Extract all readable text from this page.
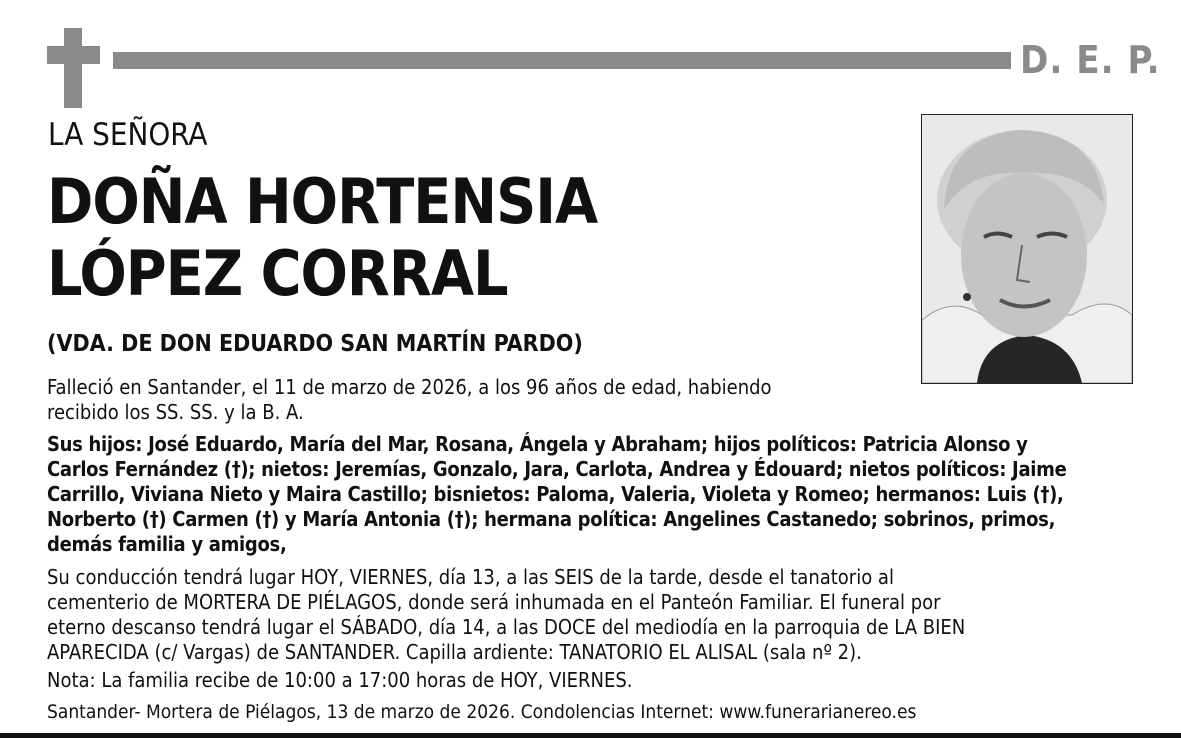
D. E. P.
LA SEÑORA
DOÑA HORTENSIA
LÓPEZ CORRAL
(VDA. DE DON EDUARDO SAN MARTÍN PARDO)
Falleció en Santander, el 11 de marzo de 2026, a los 96 años de edad, habiendo
recibido los SS. SS. y la B. A.
Sus hijos: José Eduardo, María del Mar, Rosana, Ángela y Abraham; hijos políticos: Patricia Alonso y
Carlos Fernández (†); nietos: Jeremías, Gonzalo, Jara, Carlota, Andrea y Édouard; nietos políticos: Jaime
Carrillo, Viviana Nieto y Maira Castillo; bisnietos: Paloma, Valeria, Violeta y Romeo; hermanos: Luis (†),
Norberto (†) Carmen (†) y María Antonia (†); hermana política: Angelines Castanedo; sobrinos, primos,
demás familia y amigos,
Su conducción tendrá lugar HOY, VIERNES, día 13, a las SEIS de la tarde, desde el tanatorio al
cementerio de MORTERA DE PIÉLAGOS, donde será inhumada en el Panteón Familiar. El funeral por
eterno descanso tendrá lugar el SÁBADO, día 14, a las DOCE del mediodía en la parroquia de LA BIEN
APARECIDA (c/ Vargas) de SANTANDER. Capilla ardiente: TANATORIO EL ALISAL (sala nº 2).
Nota: La familia recibe de 10:00 a 17:00 horas de HOY, VIERNES.
Santander- Mortera de Piélagos, 13 de marzo de 2026. Condolencias Internet: www.funerarianereo.es
